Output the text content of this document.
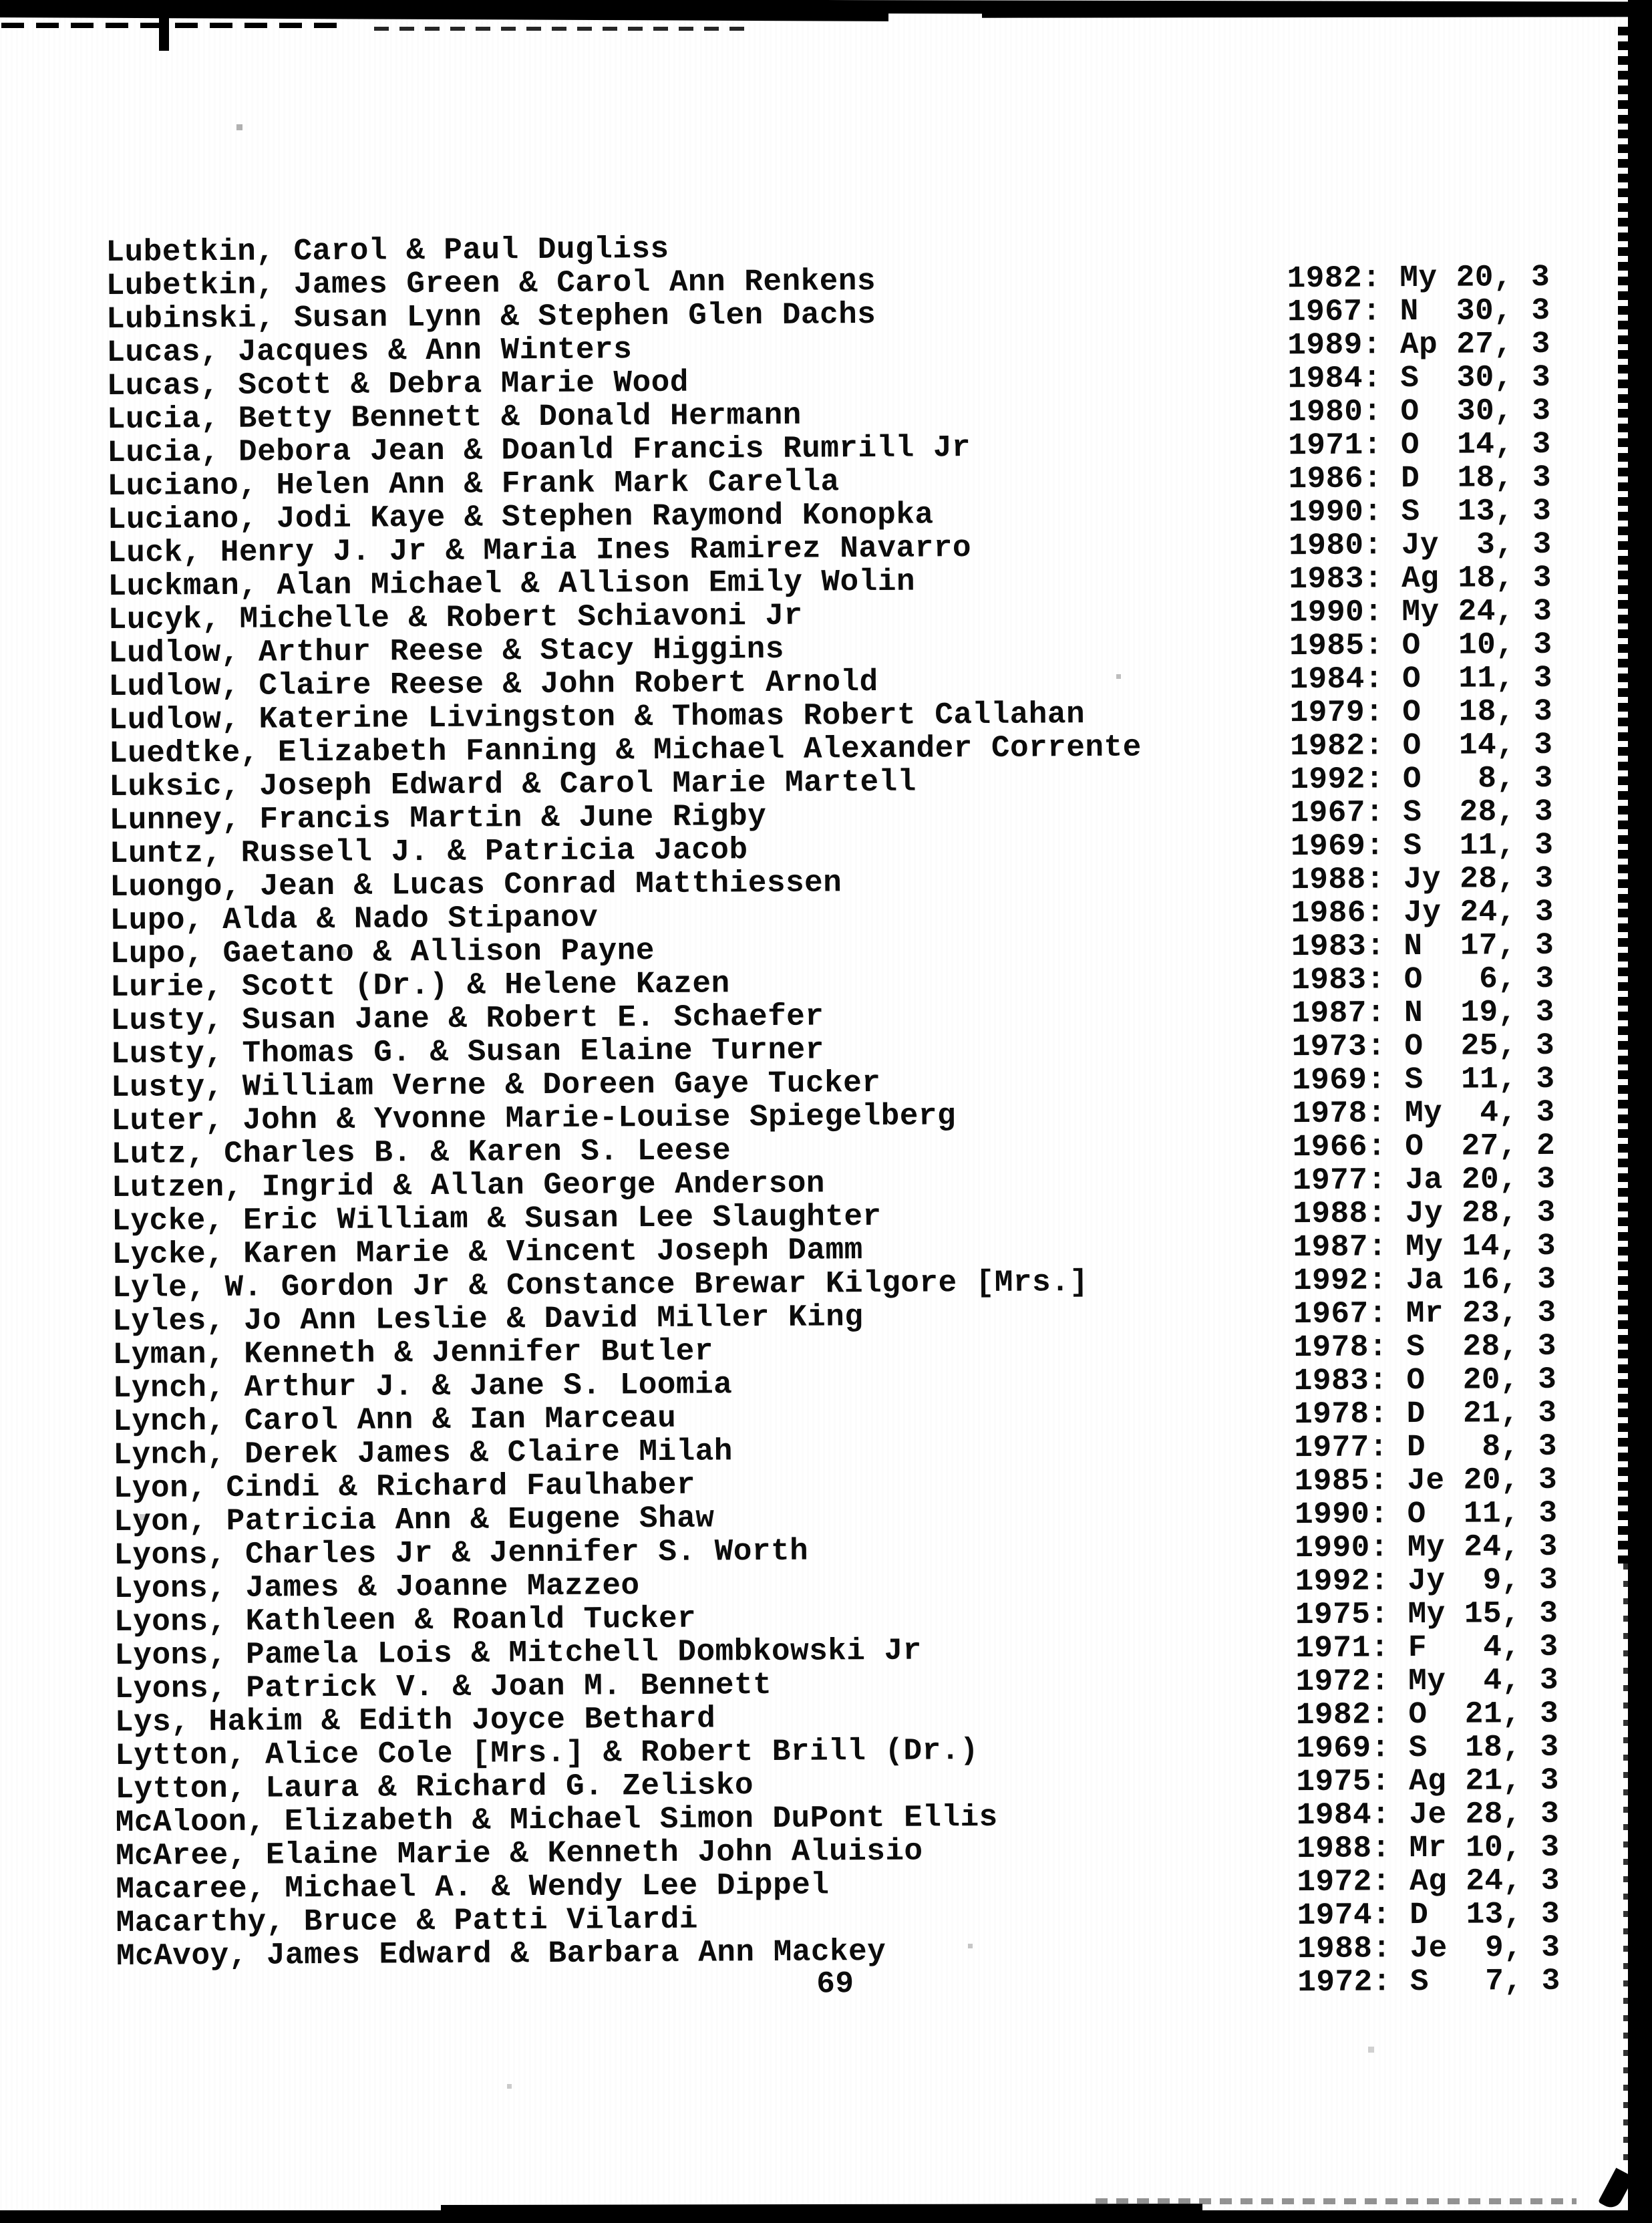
Lubetkin, Carol & Paul Dugliss

1982: My 20, 3

Lubetkin, James Green & Carol Ann Renkens

1967: N  30, 3

Lubinski, Susan Lynn & Stephen Glen Dachs

1989: Ap 27, 3

Lucas, Jacques & Ann Winters

1984: S  30, 3

Lucas, Scott & Debra Marie Wood

1980: O  30, 3

Lucia, Betty Bennett & Donald Hermann

1971: O  14, 3

Lucia, Debora Jean & Doanld Francis Rumrill Jr

1986: D  18, 3

Luciano, Helen Ann & Frank Mark Carella

1990: S  13, 3

Luciano, Jodi Kaye & Stephen Raymond Konopka

1980: Jy  3, 3

Luck, Henry J. Jr & Maria Ines Ramirez Navarro

1983: Ag 18, 3

Luckman, Alan Michael & Allison Emily Wolin

1990: My 24, 3

Lucyk, Michelle & Robert Schiavoni Jr

1985: O  10, 3

Ludlow, Arthur Reese & Stacy Higgins

1984: O  11, 3

Ludlow, Claire Reese & John Robert Arnold

1979: O  18, 3

Ludlow, Katerine Livingston & Thomas Robert Callahan

1982: O  14, 3

Luedtke, Elizabeth Fanning & Michael Alexander Corrente

1992: O   8, 3

Luksic, Joseph Edward & Carol Marie Martell

1967: S  28, 3

Lunney, Francis Martin & June Rigby

1969: S  11, 3

Luntz, Russell J. & Patricia Jacob

1988: Jy 28, 3

Luongo, Jean & Lucas Conrad Matthiessen

1986: Jy 24, 3

Lupo, Alda & Nado Stipanov

1983: N  17, 3

Lupo, Gaetano & Allison Payne

1983: O   6, 3

Lurie, Scott (Dr.) & Helene Kazen

1987: N  19, 3

Lusty, Susan Jane & Robert E. Schaefer

1973: O  25, 3

Lusty, Thomas G. & Susan Elaine Turner

1969: S  11, 3

Lusty, William Verne & Doreen Gaye Tucker

1978: My  4, 3

Luter, John & Yvonne Marie-Louise Spiegelberg

1966: O  27, 2

Lutz, Charles B. & Karen S. Leese

1977: Ja 20, 3

Lutzen, Ingrid & Allan George Anderson

1988: Jy 28, 3

Lycke, Eric William & Susan Lee Slaughter

1987: My 14, 3

Lycke, Karen Marie & Vincent Joseph Damm

1992: Ja 16, 3

Lyle, W. Gordon Jr & Constance Brewar Kilgore [Mrs.]

1967: Mr 23, 3

Lyles, Jo Ann Leslie & David Miller King

1978: S  28, 3

Lyman, Kenneth & Jennifer Butler

1983: O  20, 3

Lynch, Arthur J. & Jane S. Loomia

1978: D  21, 3

Lynch, Carol Ann & Ian Marceau

1977: D   8, 3

Lynch, Derek James & Claire Milah

1985: Je 20, 3

Lyon, Cindi & Richard Faulhaber

1990: O  11, 3

Lyon, Patricia Ann & Eugene Shaw

1990: My 24, 3

Lyons, Charles Jr & Jennifer S. Worth

1992: Jy  9, 3

Lyons, James & Joanne Mazzeo

1975: My 15, 3

Lyons, Kathleen & Roanld Tucker

1971: F   4, 3

Lyons, Pamela Lois & Mitchell Dombkowski Jr

1972: My  4, 3

Lyons, Patrick V. & Joan M. Bennett

1982: O  21, 3

Lys, Hakim & Edith Joyce Bethard

1969: S  18, 3

Lytton, Alice Cole [Mrs.] & Robert Brill (Dr.)

1975: Ag 21, 3

Lytton, Laura & Richard G. Zelisko

1984: Je 28, 3

McAloon, Elizabeth & Michael Simon DuPont Ellis

1988: Mr 10, 3

McAree, Elaine Marie & Kenneth John Aluisio

1972: Ag 24, 3

Macaree, Michael A. & Wendy Lee Dippel

1974: D  13, 3

Macarthy, Bruce & Patti Vilardi

1988: Je  9, 3

McAvoy, James Edward & Barbara Ann Mackey

1972: S   7, 3

69
